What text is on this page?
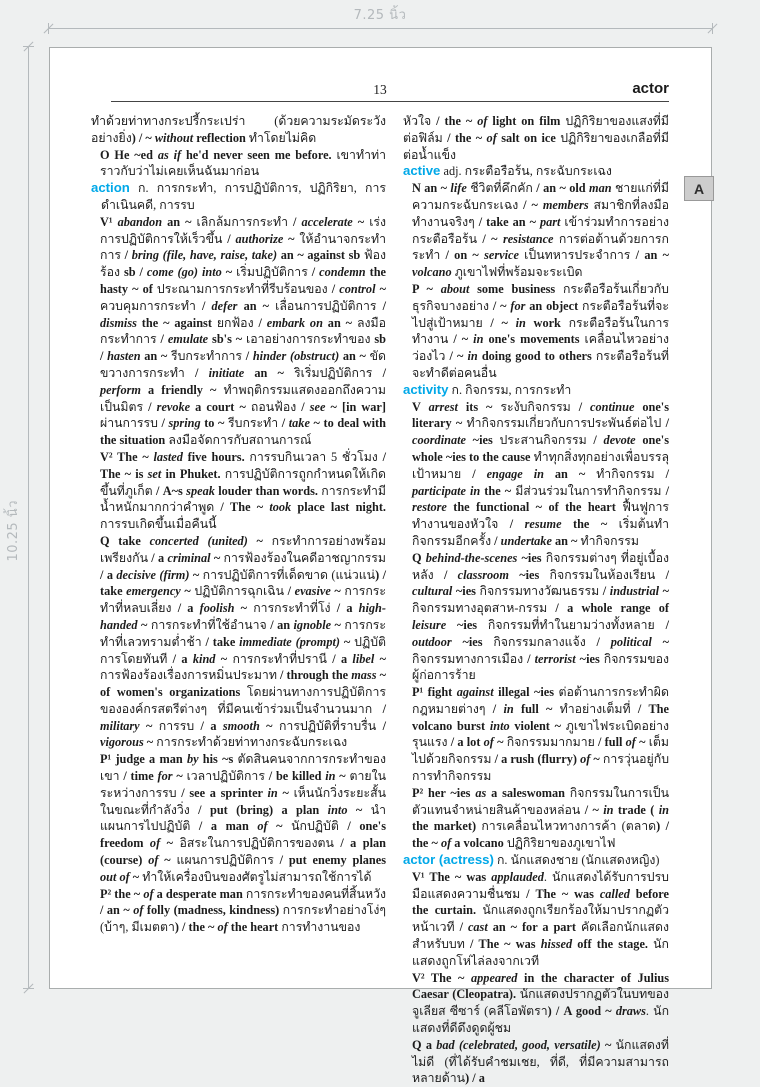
7.25 นิ้ว
10.25 นิ้ว
A
13	actor

ทำด้วยท่าทางกระปรี้กระเปร่า (ด้วยความระมัดระวังอย่างยิ่ง) / ~ without reflection ทำโดยไม่คิด

O He ~ed as if he'd never seen me before. เขาทำท่าราวกับว่าไม่เคยเห็นฉันมาก่อน

action ก. การกระทำ, การปฏิบัติการ, ปฏิกิริยา, การดำเนินคดี, การรบ

V¹ abandon an ~ เลิกล้มการกระทำ / accelerate ~ เร่งการปฏิบัติการให้เร็วขึ้น / authorize ~ ให้อำนาจกระทำการ / bring (file, have, raise, take) an ~ against sb ฟ้องร้อง sb / come (go) into ~ เริ่มปฏิบัติการ / condemn the hasty ~ of ประณามการกระทำที่รีบร้อนของ / control ~ ควบคุมการกระทำ / defer an ~ เลื่อนการปฏิบัติการ / dismiss the ~ against ยกฟ้อง / embark on an ~ ลงมือกระทำการ / emulate sb's ~ เอาอย่างการกระทำของ sb / hasten an ~ รีบกระทำการ / hinder (obstruct) an ~ ขัดขวางการกระทำ / initiate an ~ ริเริ่มปฏิบัติการ / perform a friendly ~ ทำพฤติกรรมแสดงออกถึงความเป็นมิตร / revoke a court ~ ถอนฟ้อง / see ~ [in war] ผ่านการรบ / spring to ~ รีบกระทำ / take ~ to deal with the situation ลงมือจัดการกับสถานการณ์

V² The ~ lasted five hours. การรบกินเวลา 5 ชั่วโมง / The ~ is set in Phuket. การปฏิบัติการถูกกำหนดให้เกิดขึ้นที่ภูเก็ต / A~s speak louder than words. การกระทำมีน้ำหนักมากกว่าคำพูด / The ~ took place last night. การรบเกิดขึ้นเมื่อคืนนี้

Q take concerted (united) ~ กระทำการอย่างพร้อมเพรียงกัน / a criminal ~ การฟ้องร้องในคดีอาชญากรรม / a decisive (firm) ~ การปฏิบัติการที่เด็ดขาด (แน่วแน่) / take emergency ~ ปฏิบัติการฉุกเฉิน / evasive ~ การกระทำที่หลบเลี่ยง / a foolish ~ การกระทำที่โง่ / a high-handed ~ การกระทำที่ใช้อำนาจ / an ignoble ~ การกระทำที่เลวทรามต่ำช้า / take immediate (prompt) ~ ปฏิบัติการโดยทันที / a kind ~ การกระทำที่ปรานี / a libel ~ การฟ้องร้องเรื่องการหมิ่นประมาท / through the mass ~ of women's organizations โดยผ่านทางการปฏิบัติการขององค์กรสตรีต่างๆ ที่มีคนเข้าร่วมเป็นจำนวนมาก / military ~ การรบ / a smooth ~ การปฏิบัติที่ราบรื่น / vigorous ~ การกระทำด้วยท่าทางกระฉับกระเฉง

P¹ judge a man by his ~s ตัดสินคนจากการกระทำของเขา / time for ~ เวลาปฏิบัติการ / be killed in ~ ตายในระหว่างการรบ / see a sprinter in ~ เห็นนักวิ่งระยะสั้นในขณะที่กำลังวิ่ง / put (bring) a plan into ~ นำแผนการไปปฏิบัติ / a man of ~ นักปฏิบัติ / one's freedom of ~ อิสระในการปฏิบัติการของตน / a plan (course) of ~ แผนการปฏิบัติการ / put enemy planes out of ~ ทำให้เครื่องบินของศัตรูไม่สามารถใช้การได้

P² the ~ of a desperate man การกระทำของคนที่สิ้นหวัง / an ~ of folly (madness, kindness) การกระทำอย่างโง่ๆ (บ้าๆ, มีเมตตา) / the ~ of the heart การทำงานของ

หัวใจ / the ~ of light on film ปฏิกิริยาของแสงที่มีต่อฟิล์ม / the ~ of salt on ice ปฏิกิริยาของเกลือที่มีต่อน้ำแข็ง

active adj. กระตือรือร้น, กระฉับกระเฉง

N an ~ life ชีวิตที่คึกคัก / an ~ old man ชายแก่ที่มีความกระฉับกระเฉง / ~ members สมาชิกที่ลงมือทำงานจริงๆ / take an ~ part เข้าร่วมทำการอย่างกระตือรือร้น / ~ resistance การต่อต้านด้วยการกระทำ / on ~ service เป็นทหารประจำการ / an ~ volcano ภูเขาไฟที่พร้อมจะระเบิด

P ~ about some business กระตือรือร้นเกี่ยวกับธุรกิจบางอย่าง / ~ for an object กระตือรือร้นที่จะไปสู่เป้าหมาย / ~ in work กระตือรือร้นในการทำงาน / ~ in one's movements เคลื่อนไหวอย่างว่องไว / ~ in doing good to others กระตือรือร้นที่จะทำดีต่อคนอื่น

activity ก. กิจกรรม, การกระทำ

V arrest its ~ ระงับกิจกรรม / continue one's literary ~ ทำกิจกรรมเกี่ยวกับการประพันธ์ต่อไป / coordinate ~ies ประสานกิจกรรม / devote one's whole ~ies to the cause ทำทุกสิ่งทุกอย่างเพื่อบรรลุเป้าหมาย / engage in an ~ ทำกิจกรรม / participate in the ~ มีส่วนร่วมในการทำกิจกรรม / restore the functional ~ of the heart ฟื้นฟูการทำงานของหัวใจ / resume the ~ เริ่มต้นทำกิจกรรมอีกครั้ง / undertake an ~ ทำกิจกรรม

Q behind-the-scenes ~ies กิจกรรมต่างๆ ที่อยู่เบื้องหลัง / classroom ~ies กิจกรรมในห้องเรียน / cultural ~ies กิจกรรมทางวัฒนธรรม / industrial ~ กิจกรรมทางอุตสาห-กรรม / a whole range of leisure ~ies กิจกรรมที่ทำในยามว่างทั้งหลาย / outdoor ~ies กิจกรรมกลางแจ้ง / political ~ กิจกรรมทางการเมือง / terrorist ~ies กิจกรรมของผู้ก่อการร้าย

P¹ fight against illegal ~ies ต่อต้านการกระทำผิดกฎหมายต่างๆ / in full ~ ทำอย่างเต็มที่ / The volcano burst into violent ~ ภูเขาไฟระเบิดอย่างรุนแรง / a lot of ~ กิจกรรมมากมาย / full of ~ เต็มไปด้วยกิจกรรม / a rush (flurry) of ~ การวุ่นอยู่กับการทำกิจกรรม

P² her ~ies as a saleswoman กิจกรรมในการเป็นตัวแทนจำหน่ายสินค้าของหล่อน / ~ in trade ( in the market) การเคลื่อนไหวทางการค้า (ตลาด) / the ~ of a volcano ปฏิกิริยาของภูเขาไฟ

actor (actress) ก. นักแสดงชาย (นักแสดงหญิง)

V¹ The ~ was applauded. นักแสดงได้รับการปรบมือแสดงความชื่นชม / The ~ was called before the curtain. นักแสดงถูกเรียกร้องให้มาปรากฏตัวหน้าเวที / cast an ~ for a part คัดเลือกนักแสดงสำหรับบท / The ~ was hissed off the stage. นักแสดงถูกโห่ไล่ลงจากเวที

V² The ~ appeared in the character of Julius Caesar (Cleopatra). นักแสดงปรากฏตัวในบทของจูเลียส ซีซาร์ (คลีโอพัตรา) / A good ~ draws. นักแสดงที่ดีดึงดูดผู้ชม

Q a bad (celebrated, good, versatile) ~ นักแสดงที่ไม่ดี (ที่ได้รับคำชมเชย, ที่ดี, ที่มีความสามารถหลายด้าน) / a
